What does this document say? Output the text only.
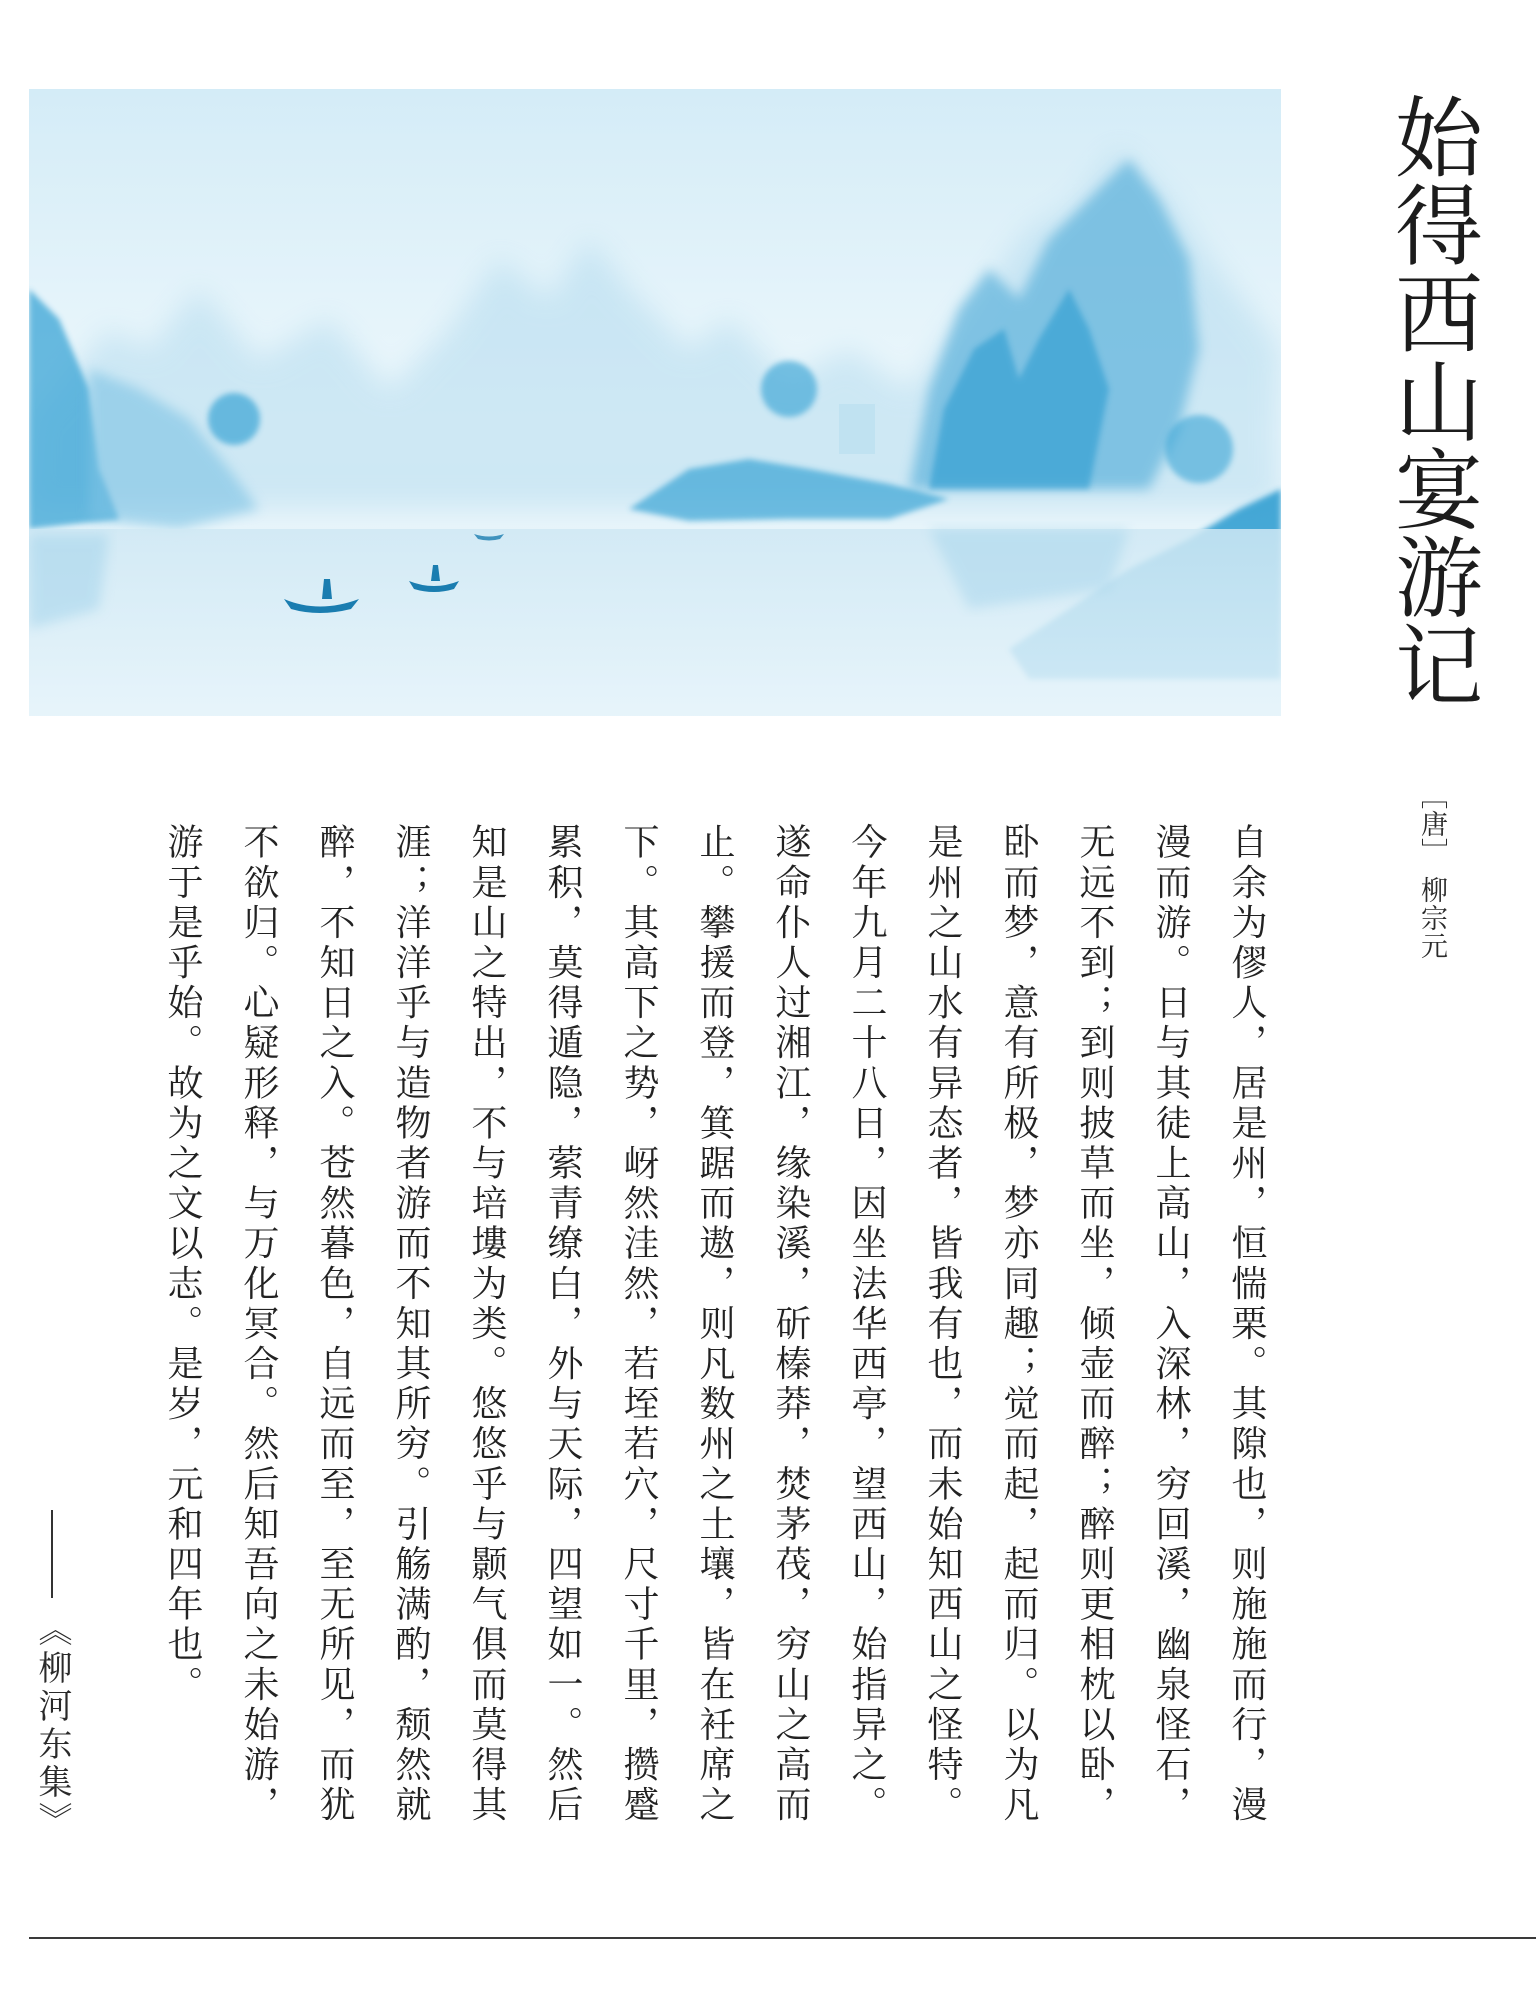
始得西山宴游记
［唐］柳宗元

自余为僇人，居是州，恒惴栗。其隙也，则施施而行，漫漫而游。日与其徒上高山，入深林，穷回溪，幽泉怪石，无远不到；到则披草而坐，倾壶而醉；醉则更相枕以卧，卧而梦，意有所极，梦亦同趣；觉而起，起而归。以为凡是州之山水有异态者，皆我有也，而未始知西山之怪特。今年九月二十八日，因坐法华西亭，望西山，始指异之。遂命仆人过湘江，缘染溪，斫榛莽，焚茅茷，穷山之高而止。攀援而登，箕踞而遨，则凡数州之土壤，皆在衽席之下。其高下之势，岈然洼然，若垤若穴，尺寸千里，攒蹙累积，莫得遁隐，萦青缭白，外与天际，四望如一。然后知是山之特出，不与培塿为类。悠悠乎与颢气俱而莫得其涯；洋洋乎与造物者游而不知其所穷。引觞满酌，颓然就醉，不知日之入。苍然暮色，自远而至，至无所见，而犹不欲归。心疑形释，与万化冥合。然后知吾向之未始游，游于是乎始。故为之文以志。是岁，元和四年也。

《柳河东集》
